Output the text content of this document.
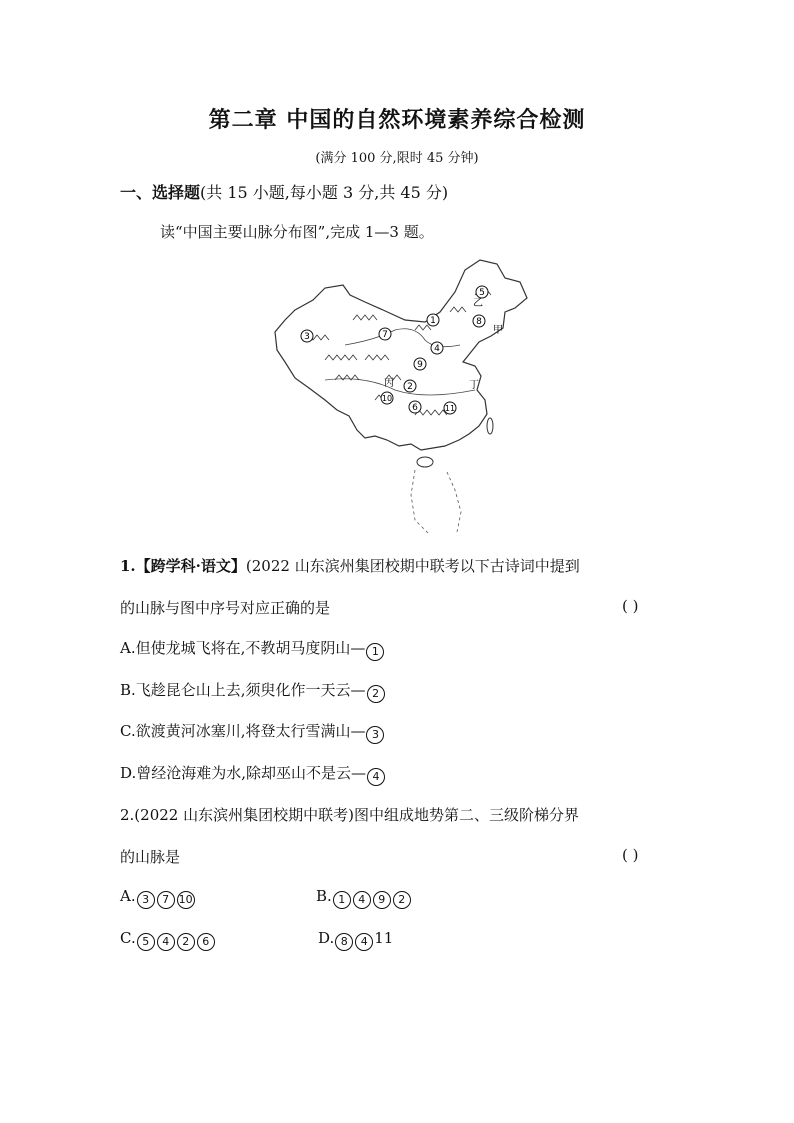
第二章 中国的自然环境素养综合检测
(满分 100 分,限时 45 分钟)
一、选择题(共 15 小题,每小题 3 分,共 45 分)
读“中国主要山脉分布图”,完成 1—3 题。
1
2
3
4
5
6
7
8
9
10
11
甲
乙
丙	丁
1.【跨学科·语文】(2022 山东滨州集团校期中联考以下古诗词中提到
的山脉与图中序号对应正确的是	( )
A.但使龙城飞将在,不教胡马度阴山— 1
B.飞趁昆仑山上去,须臾化作一天云— 2
C.欲渡黄河冰塞川,将登太行雪满山— 3
D.曾经沧海难为水,除却巫山不是云— 4
2.(2022 山东滨州集团校期中联考)图中组成地势第二、三级阶梯分界
的山脉是	( )
A. 3 7 10	B. 1 4 9 2
C. 5 4 2 6	D. 8 4 11
